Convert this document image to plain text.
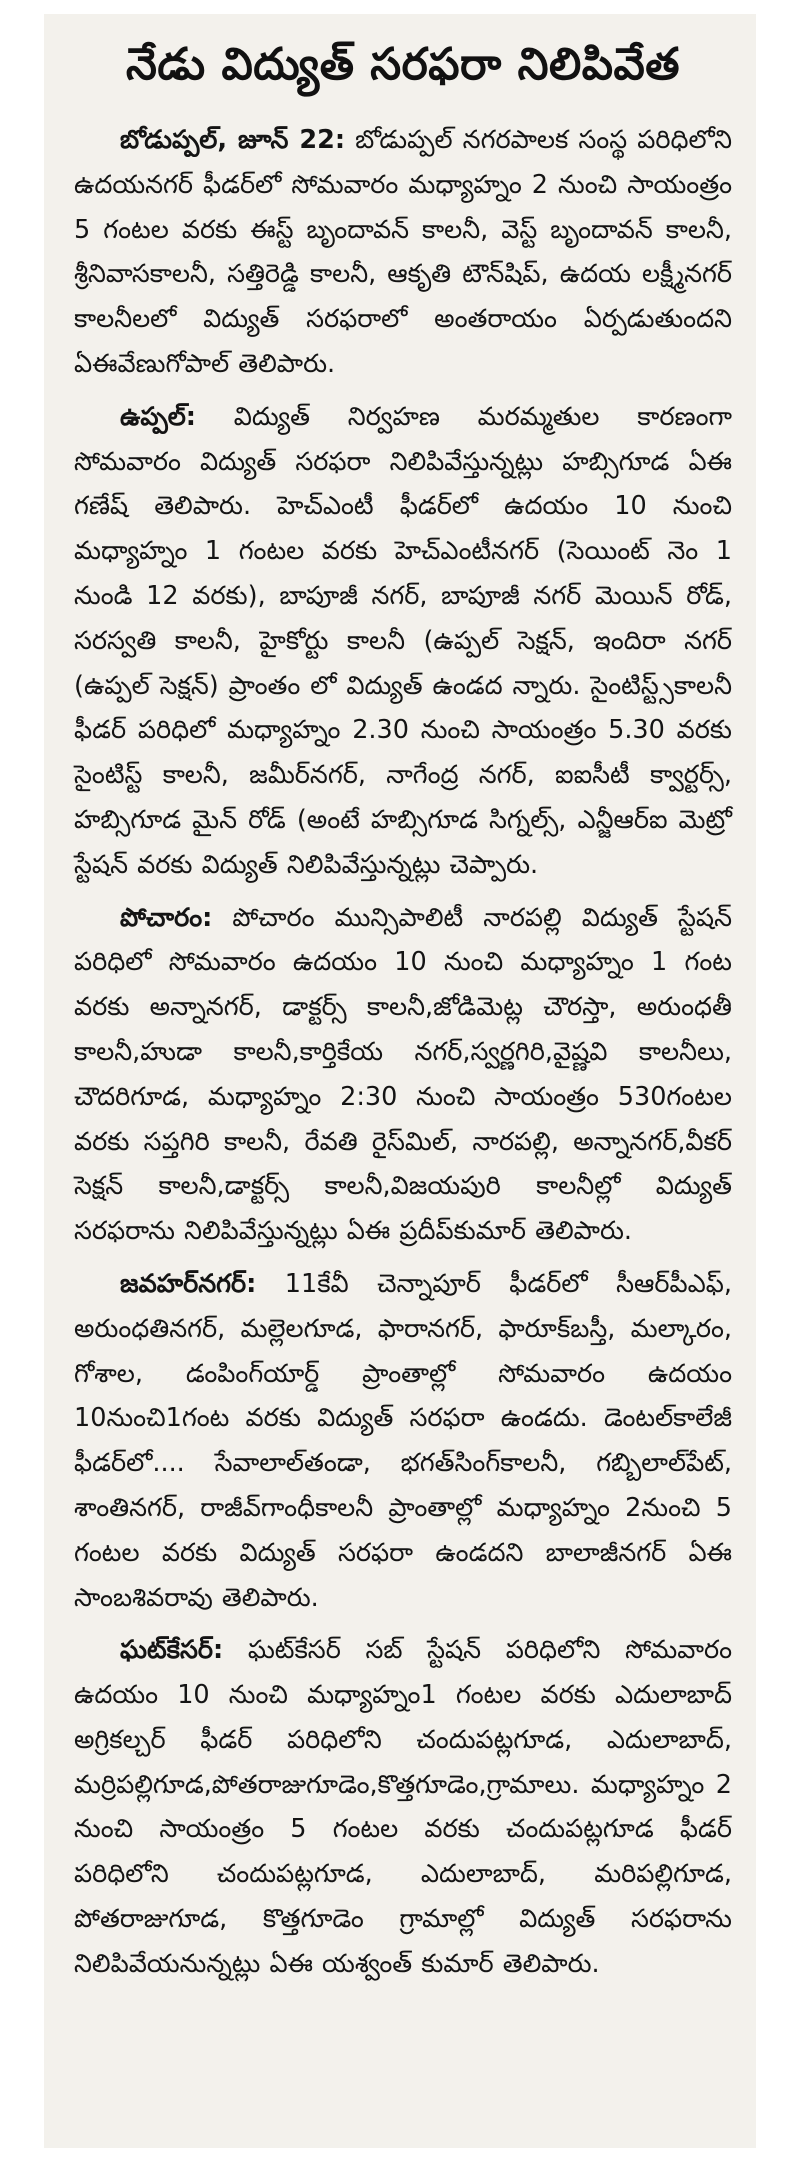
నేడు విద్యుత్ సరఫరా నిలిపివేత

బోడుప్పల్, జూన్ 22: బోడుప్పల్ నగరపాలక సంస్థ పరిధిలోని ఉదయనగర్ ఫీడర్‌లో సోమవారం మధ్యాహ్నం 2 నుంచి సాయంత్రం 5 గంటల వరకు ఈస్ట్ బృందావన్ కాలనీ, వెస్ట్ బృందావన్ కాలనీ, శ్రీనివాసకాలనీ, సత్తిరెడ్డి కాలనీ, ఆకృతి టౌన్‌షిప్, ఉదయ లక్ష్మీనగర్ కాలనీలలో విద్యుత్ సరఫరాలో అంతరాయం ఏర్పడుతుందని ఏఈవేణుగోపాల్ తెలిపారు.

ఉప్పల్: విద్యుత్ నిర్వహణ మరమ్మతుల కారణంగా సోమవారం విద్యుత్ సరఫరా నిలిపివేస్తున్నట్లు హబ్సిగూడ ఏఈ గణేష్ తెలిపారు. హెచ్ఎంటీ ఫీడర్‌లో ఉదయం 10 నుంచి మధ్యాహ్నం 1 గంటల వరకు హెచ్ఎంటీనగర్ (సెయింట్ నెం 1 నుండి 12 వరకు), బాపూజీ నగర్, బాపూజీ నగర్ మెయిన్ రోడ్, సరస్వతి కాలనీ, హైకోర్టు కాలనీ (ఉప్పల్ సెక్షన్, ఇందిరా నగర్ (ఉప్పల్ సెక్షన్) ప్రాంతం లో విద్యుత్ ఉండద న్నారు. సైంటిస్ట్స్‌కాలనీ ఫీడర్ పరిధిలో మధ్యాహ్నం 2.30 నుంచి సాయంత్రం 5.30 వరకు సైంటిస్ట్ కాలనీ, జమీర్‌నగర్, నాగేంద్ర నగర్, ఐఐసీటీ క్వార్టర్స్, హబ్సిగూడ మైన్ రోడ్ (అంటే హబ్సిగూడ సిగ్నల్స్, ఎన్జీఆర్ఐ మెట్రో స్టేషన్ వరకు విద్యుత్ నిలిపివేస్తున్నట్లు చెప్పారు.

పోచారం: పోచారం మున్సిపాలిటీ నారపల్లి విద్యుత్ స్టేషన్ పరిధిలో సోమవారం ఉదయం 10 నుంచి మధ్యాహ్నం 1 గంట వరకు అన్నానగర్, డాక్టర్స్ కాలనీ,జోడిమెట్ల చౌరస్తా, అరుంధతీ కాలనీ,హుడా కాలనీ,కార్తికేయ నగర్,స్వర్ణగిరి,వైష్ణవి కాలనీలు, చౌదరిగూడ, మధ్యాహ్నం 2:30 నుంచి సాయంత్రం 530గంటల వరకు సప్తగిరి కాలనీ, రేవతి రైస్‌మిల్, నారపల్లి, అన్నానగర్,వీకర్ సెక్షన్ కాలనీ,డాక్టర్స్ కాలనీ,విజయపురి కాలనీల్లో విద్యుత్ సరఫరాను నిలిపివేస్తున్నట్లు ఏఈ ప్రదీప్‌కుమార్ తెలిపారు.

జవహర్‌నగర్: 11కేవీ చెన్నాపూర్ ఫీడర్‌లో సీఆర్‌పీఎఫ్, అరుంధతినగర్, మల్లెలగూడ, ఫారానగర్, ఫారూక్‌బస్తీ, మల్కారం, గోశాల, డంపింగ్‌యార్డ్ ప్రాంతాల్లో సోమవారం ఉదయం 10నుంచి1గంట వరకు విద్యుత్ సరఫరా ఉండదు. డెంటల్‌కాలేజీ ఫీడర్‌లో.... సేవాలాల్‌తండా, భగత్‌సింగ్‌కాలనీ, గబ్బిలాల్‌పేట్, శాంతినగర్, రాజీవ్‌గాంధీకాలనీ ప్రాంతాల్లో మధ్యాహ్నం 2నుంచి 5 గంటల వరకు విద్యుత్ సరఫరా ఉండదని బాలాజీనగర్ ఏఈ సాంబశివరావు తెలిపారు.

ఘట్‌కేసర్: ఘట్‌కేసర్ సబ్ స్టేషన్ పరిధిలోని సోమవారం ఉదయం 10 నుంచి మధ్యాహ్నం1 గంటల వరకు ఎదులాబాద్ అగ్రికల్చర్ ఫీడర్ పరిధిలోని చందుపట్లగూడ, ఎదులాబాద్, మర్రిపల్లిగూడ,పోతరాజుగూడెం,కొత్తగూడెం,గ్రామాలు. మధ్యాహ్నం 2 నుంచి సాయంత్రం 5 గంటల వరకు చందుపట్లగూడ ఫీడర్ పరిధిలోని చందుపట్లగూడ, ఎదులాబాద్, మరిపల్లిగూడ, పోతరాజుగూడ, కొత్తగూడెం గ్రామాల్లో విద్యుత్ సరఫరాను నిలిపివేయనున్నట్లు ఏఈ యశ్వంత్ కుమార్ తెలిపారు.
